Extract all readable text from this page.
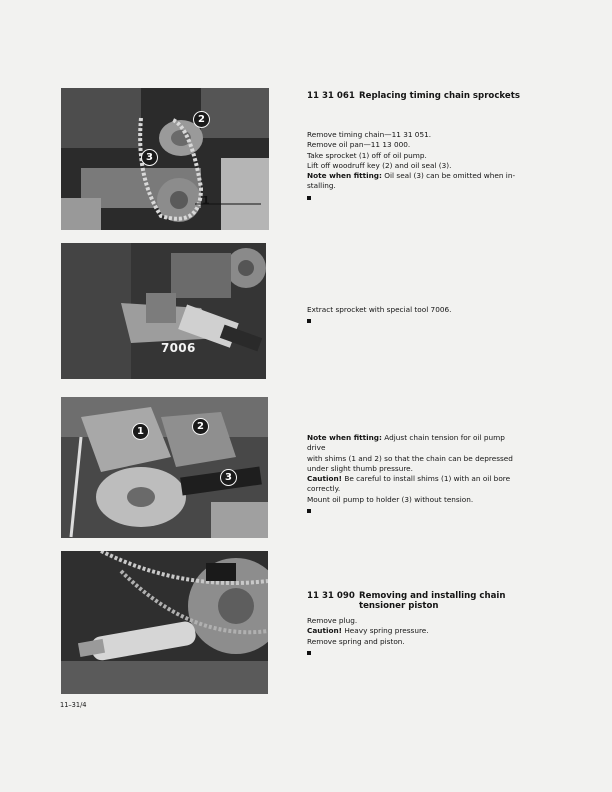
2
3
1
7006
1	2
3
11 31 061 Replacing timing chain sprockets

Remove timing chain—11 31 051.

Remove oil pan—11 13 000.

Take sprocket (1) off of oil pump.

Lift off woodruff key (2) and oil seal (3).

Note when fitting: Oil seal (3) can be omitted when in-

stalling.

Extract sprocket with special tool 7006.

Note when fitting: Adjust chain tension for oil pump drive

with shims (1 and 2) so that the chain can be depressed

under slight thumb pressure.

Caution! Be careful to install shims (1) with an oil bore

correctly.

Mount oil pump to holder (3) without tension.

11 31 090 Removing and installing chain
tensioner piston

Remove plug.

Caution! Heavy spring pressure.

Remove spring and piston.

11–31/4
